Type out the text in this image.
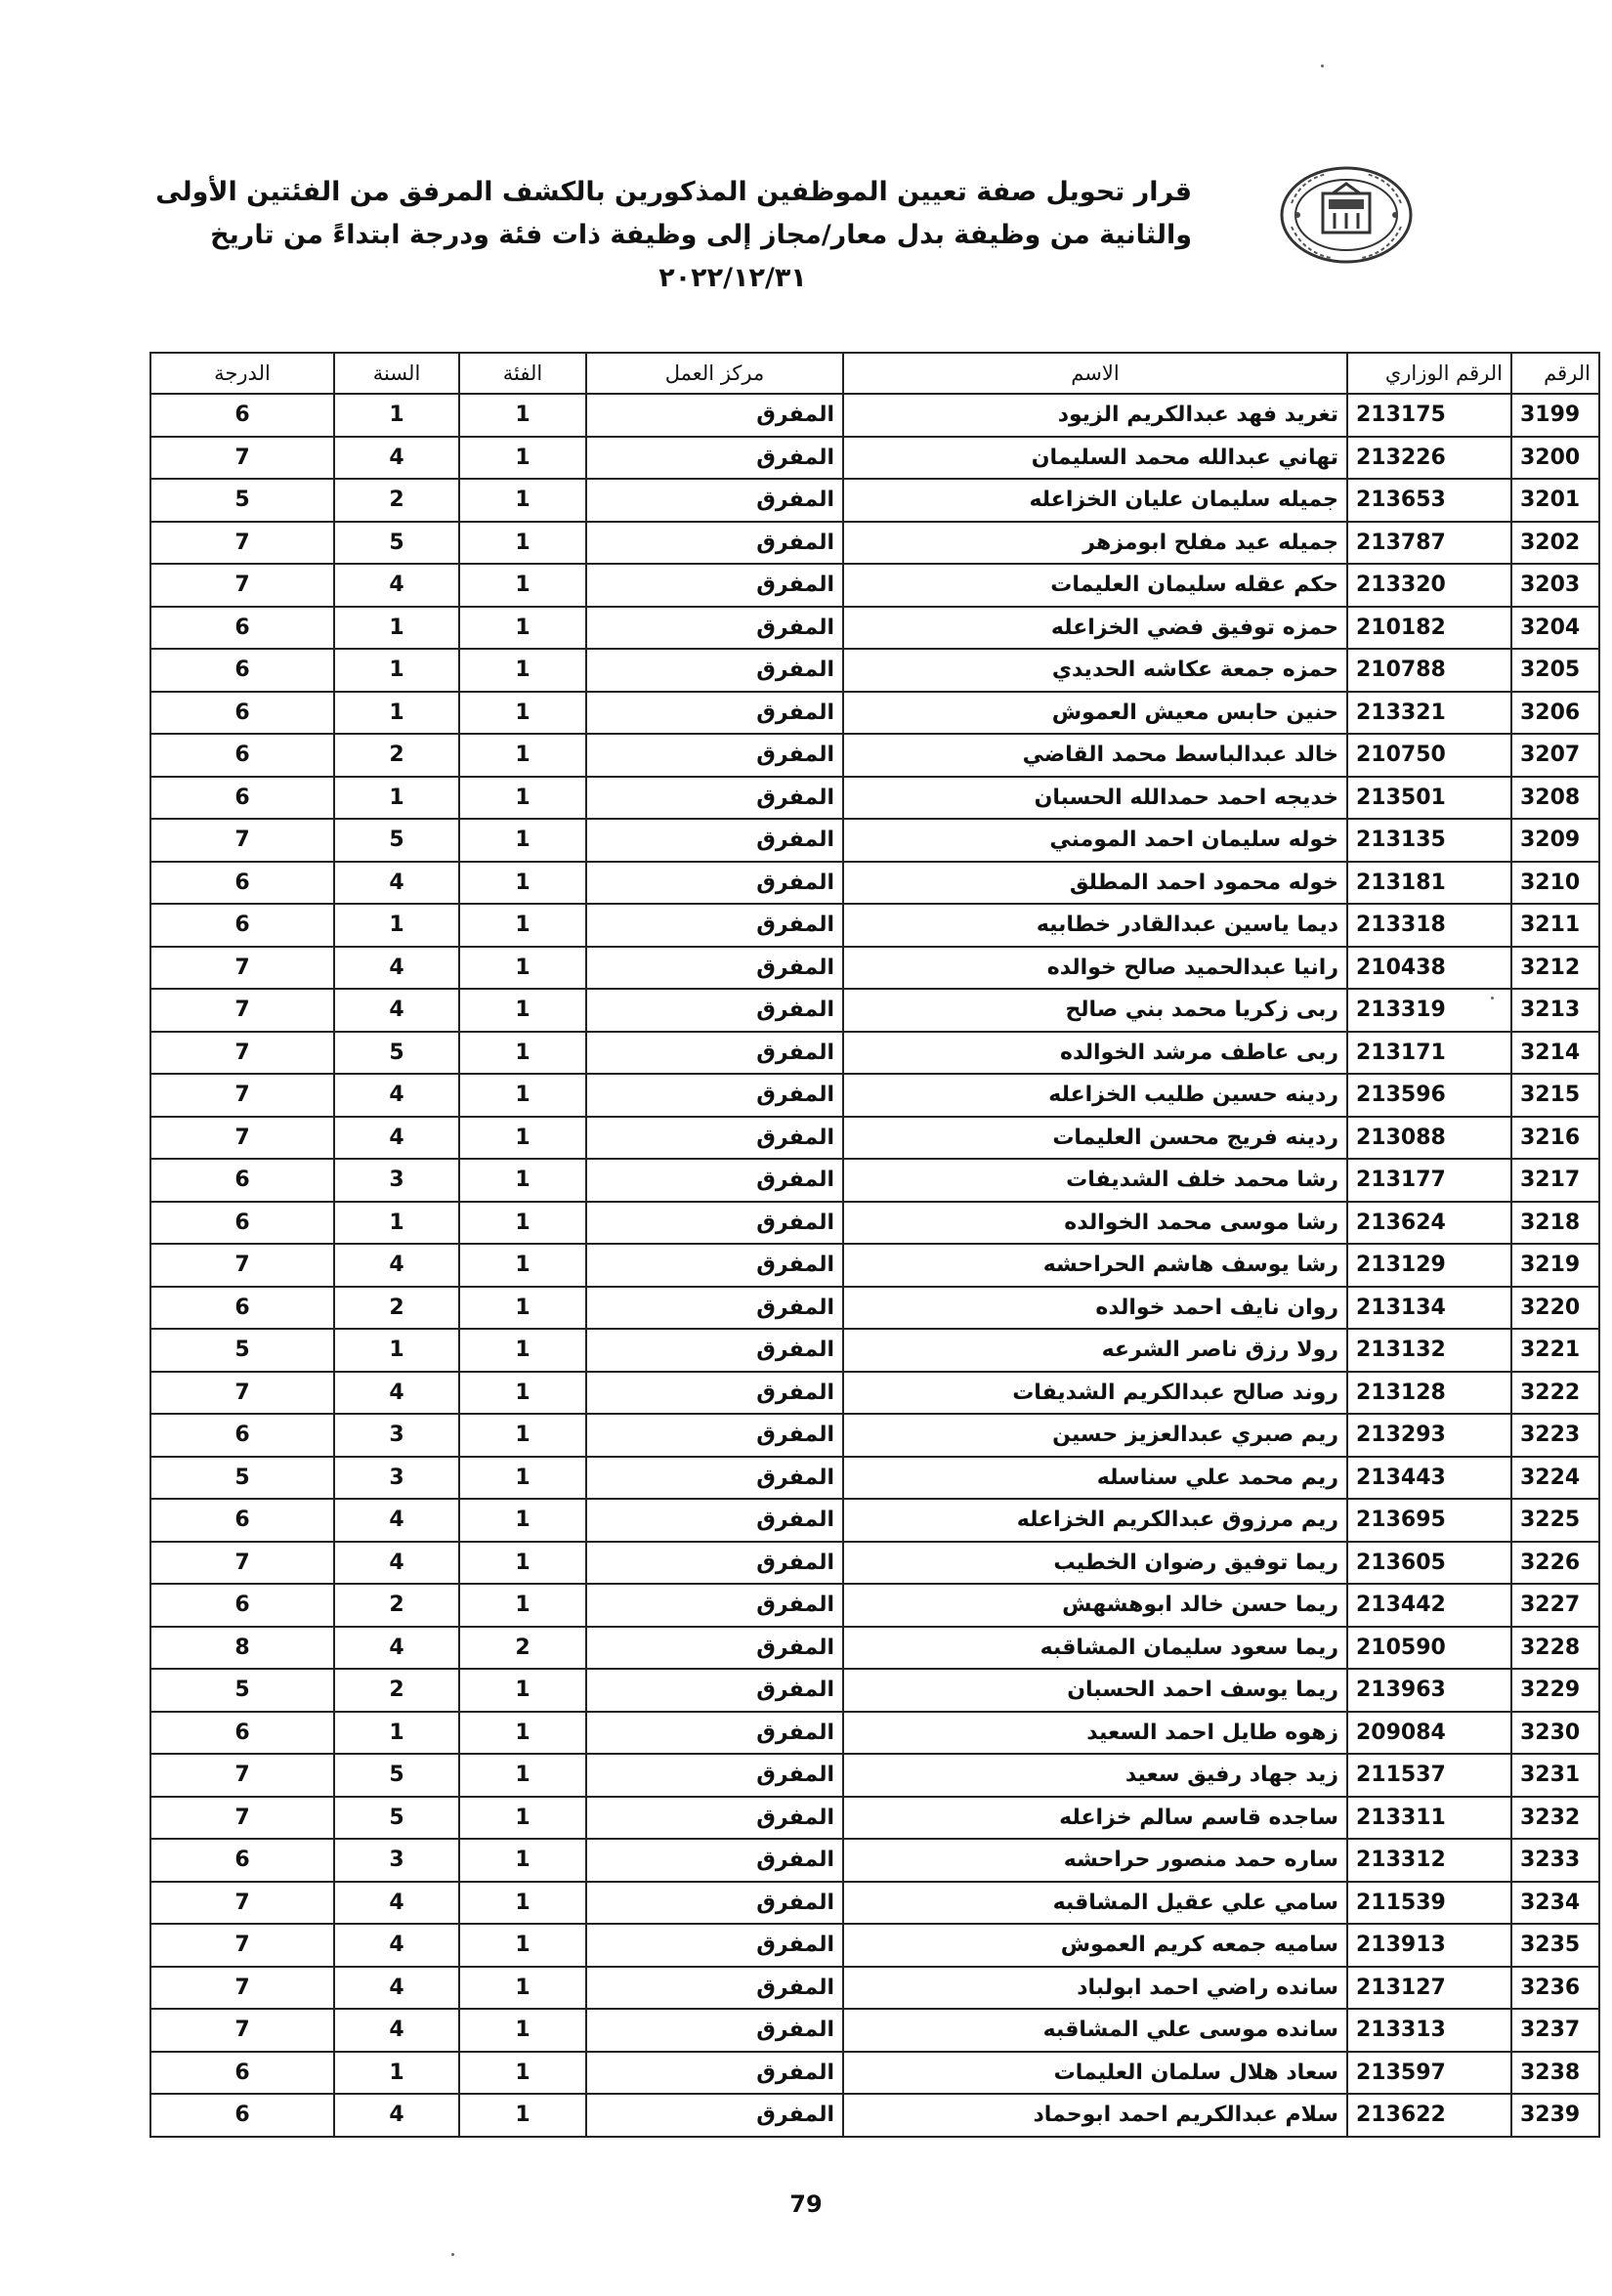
قرار تحويل صفة تعيين الموظفين المذكورين بالكشف المرفق من الفئتين الأولى
والثانية من وظيفة بدل معار/مجاز إلى وظيفة ذات فئة ودرجة ابتداءً من تاريخ
٢٠٢٢/١٢/٣١
الرقم	الرقم الوزاري	الاسم	مركز العمل	الفئة	السنة	الدرجة
3199	213175	تغريد فهد عبدالكريم الزيود	المفرق	1	1	6
3200	213226	تهاني عبدالله محمد السليمان	المفرق	1	4	7
3201	213653	جميله سليمان عليان الخزاعله	المفرق	1	2	5
3202	213787	جميله عيد مفلح ابومزهر	المفرق	1	5	7
3203	213320	حكم عقله سليمان العليمات	المفرق	1	4	7
3204	210182	حمزه توفيق فضي الخزاعله	المفرق	1	1	6
3205	210788	حمزه جمعة عكاشه الحديدي	المفرق	1	1	6
3206	213321	حنين حابس معيش العموش	المفرق	1	1	6
3207	210750	خالد عبدالباسط محمد القاضي	المفرق	1	2	6
3208	213501	خديجه احمد حمدالله الحسبان	المفرق	1	1	6
3209	213135	خوله سليمان احمد المومني	المفرق	1	5	7
3210	213181	خوله محمود احمد المطلق	المفرق	1	4	6
3211	213318	ديما ياسين عبدالقادر خطابيه	المفرق	1	1	6
3212	210438	رانيا عبدالحميد صالح خوالده	المفرق	1	4	7
3213	213319	ربى زكريا محمد بني صالح	المفرق	1	4	7
3214	213171	ربى عاطف مرشد الخوالده	المفرق	1	5	7
3215	213596	ردينه حسين طليب الخزاعله	المفرق	1	4	7
3216	213088	ردينه فريج محسن العليمات	المفرق	1	4	7
3217	213177	رشا محمد خلف الشديفات	المفرق	1	3	6
3218	213624	رشا موسى محمد الخوالده	المفرق	1	1	6
3219	213129	رشا يوسف هاشم الحراحشه	المفرق	1	4	7
3220	213134	روان نايف احمد خوالده	المفرق	1	2	6
3221	213132	رولا رزق ناصر الشرعه	المفرق	1	1	5
3222	213128	روند صالح عبدالكريم الشديفات	المفرق	1	4	7
3223	213293	ريم صبري عبدالعزيز حسين	المفرق	1	3	6
3224	213443	ريم محمد علي سناسله	المفرق	1	3	5
3225	213695	ريم مرزوق عبدالكريم الخزاعله	المفرق	1	4	6
3226	213605	ريما توفيق رضوان الخطيب	المفرق	1	4	7
3227	213442	ريما حسن خالد ابوهشهش	المفرق	1	2	6
3228	210590	ريما سعود سليمان المشاقبه	المفرق	2	4	8
3229	213963	ريما يوسف احمد الحسبان	المفرق	1	2	5
3230	209084	زهوه طايل احمد السعيد	المفرق	1	1	6
3231	211537	زيد جهاد رفيق سعيد	المفرق	1	5	7
3232	213311	ساجده قاسم سالم خزاعله	المفرق	1	5	7
3233	213312	ساره حمد منصور حراحشه	المفرق	1	3	6
3234	211539	سامي علي عقيل المشاقبه	المفرق	1	4	7
3235	213913	ساميه جمعه كريم العموش	المفرق	1	4	7
3236	213127	سانده راضي احمد ابولباد	المفرق	1	4	7
3237	213313	سانده موسى علي المشاقبه	المفرق	1	4	7
3238	213597	سعاد هلال سلمان العليمات	المفرق	1	1	6
3239	213622	سلام عبدالكريم احمد ابوحماد	المفرق	1	4	6
79
